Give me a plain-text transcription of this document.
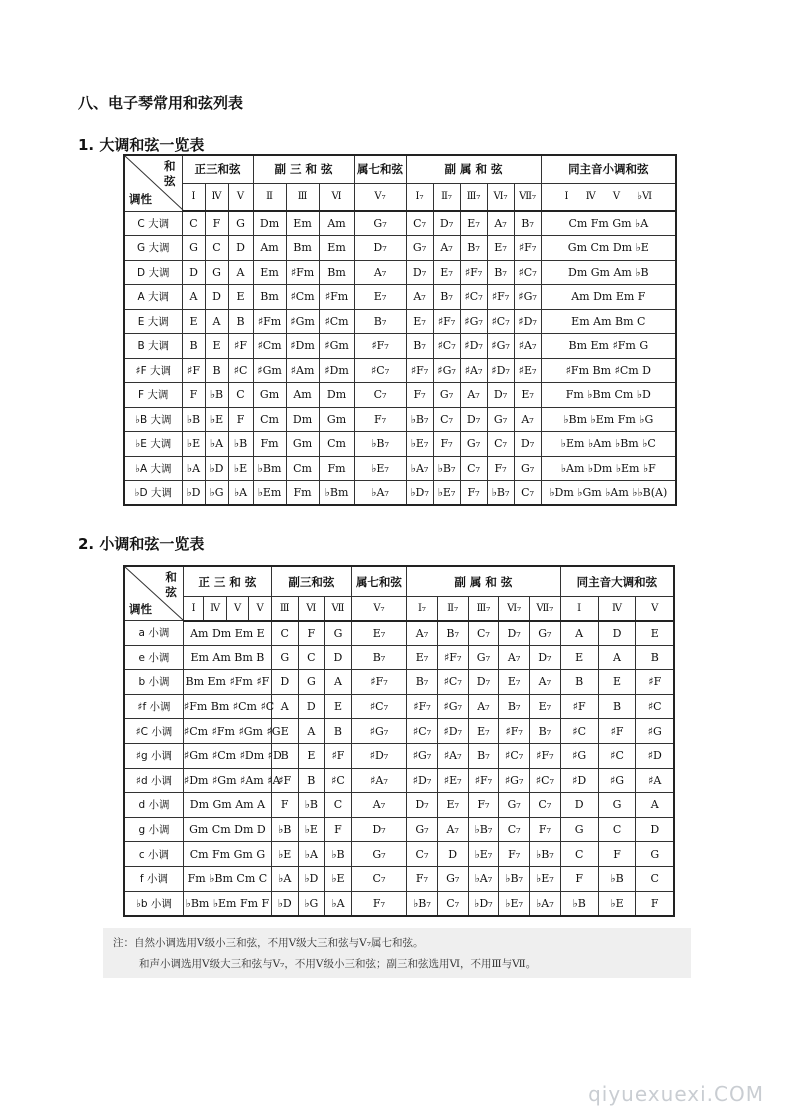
八、电子琴常用和弦列表
1. 大调和弦一览表
和
弦
调性	正三和弦			副 三 和 弦			属七和弦	副 属 和 弦					同主音小调和弦
	Ⅰ	Ⅳ	Ⅴ	Ⅱ	Ⅲ	Ⅵ	V₇	Ⅰ₇	Ⅱ₇	Ⅲ₇	Ⅵ₇	Ⅶ₇	Ⅰ Ⅳ Ⅴ ♭Ⅵ
C 大调	C	F	G	Dm	Em	Am	G₇	C₇	D₇	E₇	A₇	B₇	Cm Fm Gm ♭A
G 大调	G	C	D	Am	Bm	Em	D₇	G₇	A₇	B₇	E₇	♯F₇	Gm Cm Dm ♭E
D 大调	D	G	A	Em	♯Fm	Bm	A₇	D₇	E₇	♯F₇	B₇	♯C₇	Dm Gm Am ♭B
A 大调	A	D	E	Bm	♯Cm	♯Fm	E₇	A₇	B₇	♯C₇	♯F₇	♯G₇	Am Dm Em F
E 大调	E	A	B	♯Fm	♯Gm	♯Cm	B₇	E₇	♯F₇	♯G₇	♯C₇	♯D₇	Em Am Bm C
B 大调	B	E	♯F	♯Cm	♯Dm	♯Gm	♯F₇	B₇	♯C₇	♯D₇	♯G₇	♯A₇	Bm Em ♯Fm G
♯F 大调	♯F	B	♯C	♯Gm	♯Am	♯Dm	♯C₇	♯F₇	♯G₇	♯A₇	♯D₇	♯E₇	♯Fm Bm ♯Cm D
F 大调	F	♭B	C	Gm	Am	Dm	C₇	F₇	G₇	A₇	D₇	E₇	Fm ♭Bm Cm ♭D
♭B 大调	♭B	♭E	F	Cm	Dm	Gm	F₇	♭B₇	C₇	D₇	G₇	A₇	♭Bm ♭Em Fm ♭G
♭E 大调	♭E	♭A	♭B	Fm	Gm	Cm	♭B₇	♭E₇	F₇	G₇	C₇	D₇	♭Em ♭Am ♭Bm ♭C
♭A 大调	♭A	♭D	♭E	♭Bm	Cm	Fm	♭E₇	♭A₇	♭B₇	C₇	F₇	G₇	♭Am ♭Dm ♭Em ♭F
♭D 大调	♭D	♭G	♭A	♭Em	Fm	♭Bm	♭A₇	♭D₇	♭E₇	F₇	♭B₇	C₇	♭Dm ♭Gm ♭Am ♭♭B(A)
2. 小调和弦一览表
和
弦
调性	正 三 和 弦				副三和弦			属七和弦	副 属 和 弦					同主音大调和弦		
	Ⅰ	Ⅳ	Ⅴ	Ⅴ	Ⅲ	Ⅵ	Ⅶ	V₇	Ⅰ₇	Ⅱ₇	Ⅲ₇	Ⅵ₇	Ⅶ₇	Ⅰ	Ⅳ	Ⅴ
a 小调	Am Dm Em E				C	F	G	E₇	A₇	B₇	C₇	D₇	G₇	A	D	E
e 小调	Em Am Bm B				G	C	D	B₇	E₇	♯F₇	G₇	A₇	D₇	E	A	B
b 小调	Bm Em ♯Fm ♯F				D	G	A	♯F₇	B₇	♯C₇	D₇	E₇	A₇	B	E	♯F
♯f 小调	♯Fm Bm ♯Cm ♯C				A	D	E	♯C₇	♯F₇	♯G₇	A₇	B₇	E₇	♯F	B	♯C
♯C 小调	♯Cm ♯Fm ♯Gm ♯G				E	A	B	♯G₇	♯C₇	♯D₇	E₇	♯F₇	B₇	♯C	♯F	♯G
♯g 小调	♯Gm ♯Cm ♯Dm ♯D				B	E	♯F	♯D₇	♯G₇	♯A₇	B₇	♯C₇	♯F₇	♯G	♯C	♯D
♯d 小调	♯Dm ♯Gm ♯Am ♯A				♯F	B	♯C	♯A₇	♯D₇	♯E₇	♯F₇	♯G₇	♯C₇	♯D	♯G	♯A
d 小调	Dm Gm Am A				F	♭B	C	A₇	D₇	E₇	F₇	G₇	C₇	D	G	A
g 小调	Gm Cm Dm D				♭B	♭E	F	D₇	G₇	A₇	♭B₇	C₇	F₇	G	C	D
c 小调	Cm Fm Gm G				♭E	♭A	♭B	G₇	C₇	D	♭E₇	F₇	♭B₇	C	F	G
f 小调	Fm ♭Bm Cm C				♭A	♭D	♭E	C₇	F₇	G₇	♭A₇	♭B₇	♭E₇	F	♭B	C
♭b 小调	♭Bm ♭Em Fm F				♭D	♭G	♭A	F₇	♭B₇	C₇	♭D₇	♭E₇	♭A₇	♭B	♭E	F
注：自然小调选用Ⅴ级小三和弦，不用Ⅴ级大三和弦与V₇属七和弦。
和声小调选用Ⅴ级大三和弦与V₇，不用Ⅴ级小三和弦；副三和弦选用Ⅵ，不用Ⅲ与Ⅶ。
qiyuexuexi.COM
